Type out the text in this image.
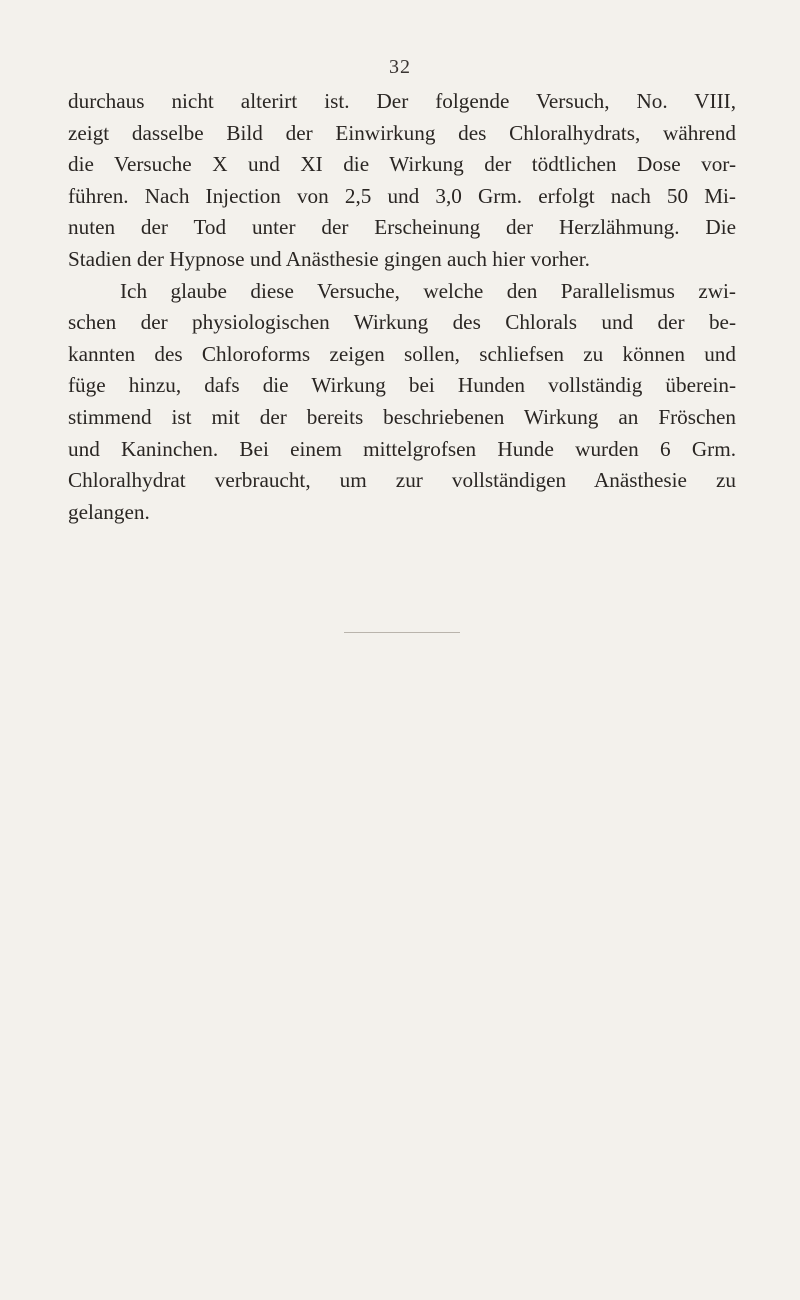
32
durchaus nicht alterirt ist. Der folgende Versuch, No. VIII,
zeigt dasselbe Bild der Einwirkung des Chloralhydrats, während
die Versuche X und XI die Wirkung der tödtlichen Dose vor-
führen. Nach Injection von 2,5 und 3,0 Grm. erfolgt nach 50 Mi-
nuten der Tod unter der Erscheinung der Herzlähmung. Die
Stadien der Hypnose und Anästhesie gingen auch hier vorher.
Ich glaube diese Versuche, welche den Parallelismus zwi-
schen der physiologischen Wirkung des Chlorals und der be-
kannten des Chloroforms zeigen sollen, schliefsen zu können und
füge hinzu, dafs die Wirkung bei Hunden vollständig überein-
stimmend ist mit der bereits beschriebenen Wirkung an Fröschen
und Kaninchen. Bei einem mittelgrofsen Hunde wurden 6 Grm.
Chloralhydrat verbraucht, um zur vollständigen Anästhesie zu
gelangen.
